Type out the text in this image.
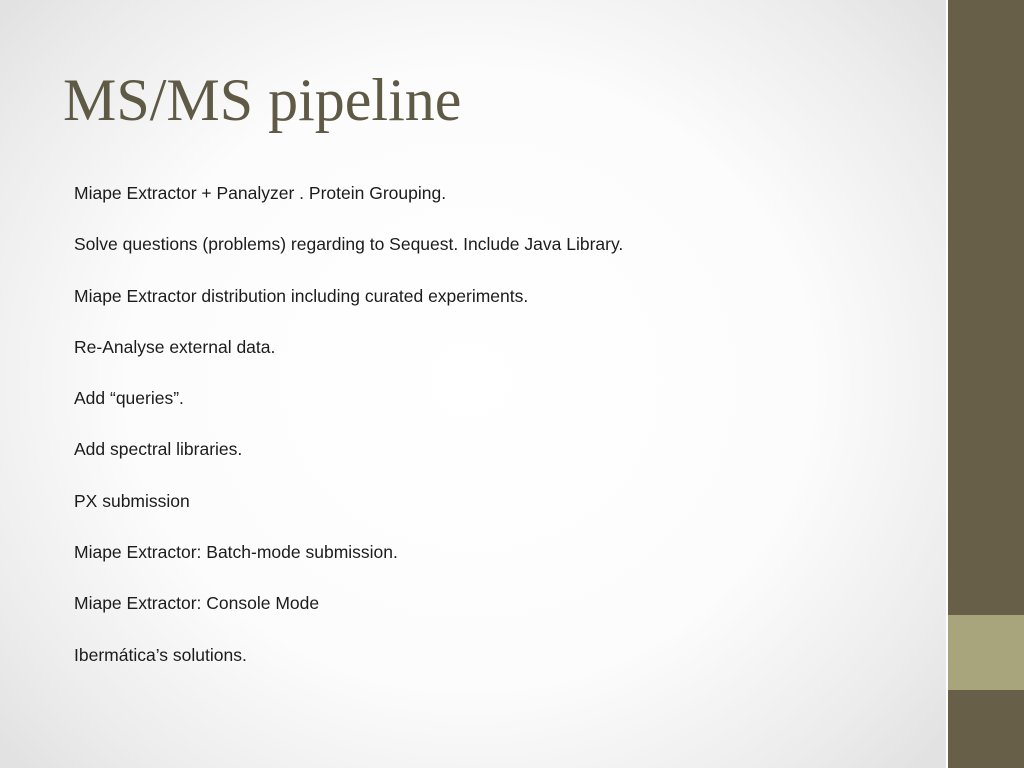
MS/MS pipeline
Miape Extractor + Panalyzer . Protein Grouping.
Solve questions (problems) regarding to Sequest. Include Java Library.
Miape Extractor distribution including curated experiments.
Re-Analyse external data.
Add “queries”.
Add spectral libraries.
PX submission
Miape Extractor: Batch-mode submission.
Miape Extractor: Console Mode
Ibermática’s solutions.
